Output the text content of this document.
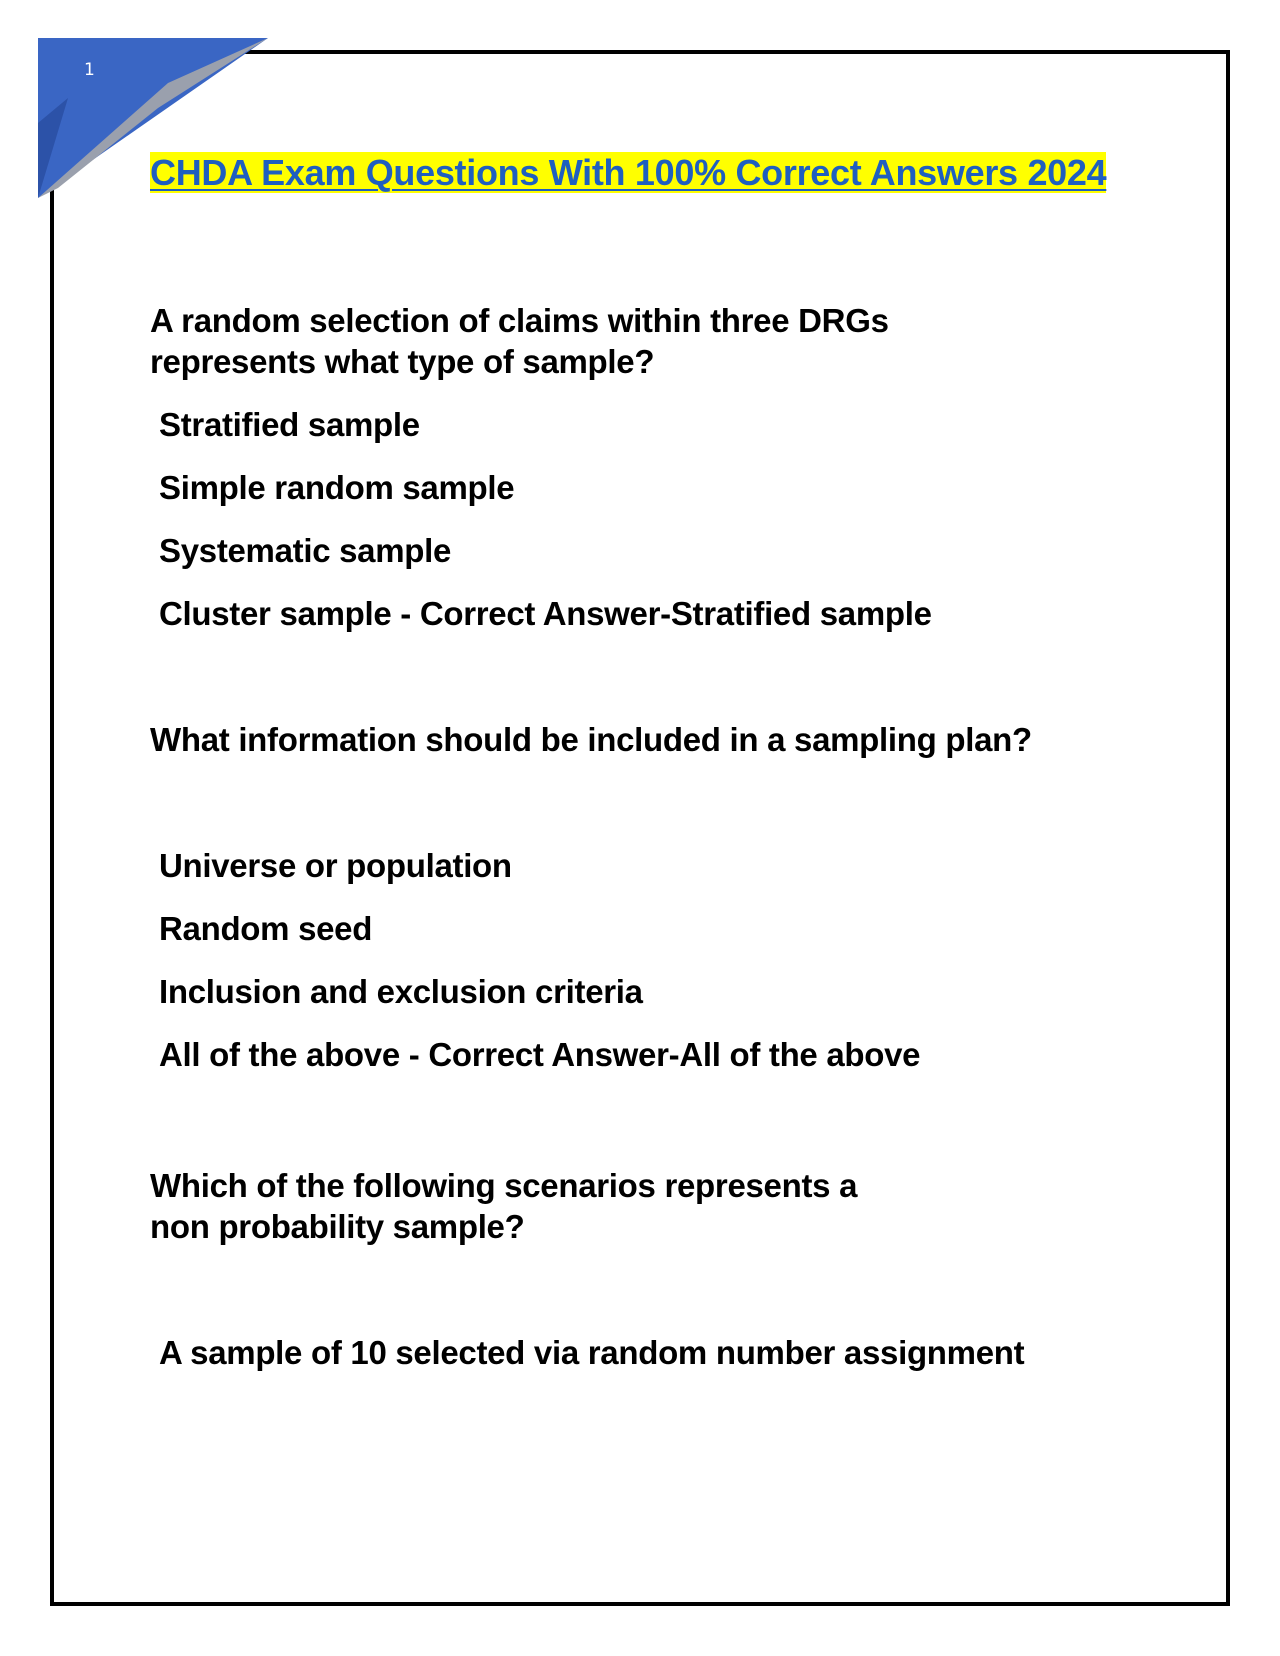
1
CHDA Exam Questions With 100% Correct Answers 2024

A random selection of claims within three DRGs represents what type of sample?

Stratified sample

Simple random sample

Systematic sample

Cluster sample - Correct Answer-Stratified sample

What information should be included in a sampling plan?

Universe or population

Random seed

Inclusion and exclusion criteria

All of the above - Correct Answer-All of the above

Which of the following scenarios represents a non probability sample?

A sample of 10 selected via random number assignment
